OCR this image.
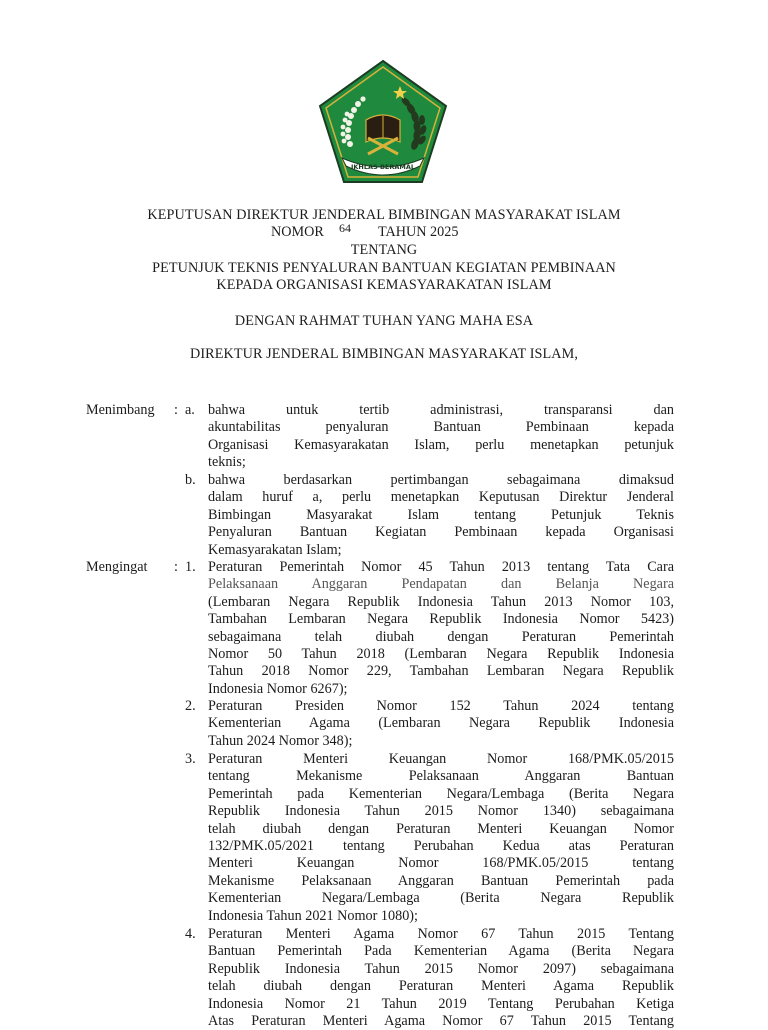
IKHLAS BERAMAL
KEPUTUSAN DIREKTUR JENDERAL BIMBINGAN MASYARAKAT ISLAM
NOMOR 64 TAHUN 2025
TENTANG
PETUNJUK TEKNIS PENYALURAN BANTUAN KEGIATAN PEMBINAAN
KEPADA ORGANISASI KEMASYARAKATAN ISLAM
DENGAN RAHMAT TUHAN YANG MAHA ESA
DIREKTUR JENDERAL BIMBINGAN MASYARAKAT ISLAM,
Menimbang : a. bahwa untuk tertib administrasi, transparansi dan
akuntabilitas penyaluran Bantuan Pembinaan kepada
Organisasi Kemasyarakatan Islam, perlu menetapkan petunjuk
teknis;
b. bahwa berdasarkan pertimbangan sebagaimana dimaksud
dalam huruf a, perlu menetapkan Keputusan Direktur Jenderal
Bimbingan Masyarakat Islam tentang Petunjuk Teknis
Penyaluran Bantuan Kegiatan Pembinaan kepada Organisasi
Kemasyarakatan Islam;
Mengingat : 1. Peraturan Pemerintah Nomor 45 Tahun 2013 tentang Tata Cara
Pelaksanaan Anggaran Pendapatan dan Belanja Negara
(Lembaran Negara Republik Indonesia Tahun 2013 Nomor 103,
Tambahan Lembaran Negara Republik Indonesia Nomor 5423)
sebagaimana telah diubah dengan Peraturan Pemerintah
Nomor 50 Tahun 2018 (Lembaran Negara Republik Indonesia
Tahun 2018 Nomor 229, Tambahan Lembaran Negara Republik
Indonesia Nomor 6267);
2. Peraturan Presiden Nomor 152 Tahun 2024 tentang
Kementerian Agama (Lembaran Negara Republik Indonesia
Tahun 2024 Nomor 348);
3. Peraturan Menteri Keuangan Nomor 168/PMK.05/2015
tentang Mekanisme Pelaksanaan Anggaran Bantuan
Pemerintah pada Kementerian Negara/Lembaga (Berita Negara
Republik Indonesia Tahun 2015 Nomor 1340) sebagaimana
telah diubah dengan Peraturan Menteri Keuangan Nomor
132/PMK.05/2021 tentang Perubahan Kedua atas Peraturan
Menteri Keuangan Nomor 168/PMK.05/2015 tentang
Mekanisme Pelaksanaan Anggaran Bantuan Pemerintah pada
Kementerian Negara/Lembaga (Berita Negara Republik
Indonesia Tahun 2021 Nomor 1080);
4. Peraturan Menteri Agama Nomor 67 Tahun 2015 Tentang
Bantuan Pemerintah Pada Kementerian Agama (Berita Negara
Republik Indonesia Tahun 2015 Nomor 2097) sebagaimana
telah diubah dengan Peraturan Menteri Agama Republik
Indonesia Nomor 21 Tahun 2019 Tentang Perubahan Ketiga
Atas Peraturan Menteri Agama Nomor 67 Tahun 2015 Tentang
